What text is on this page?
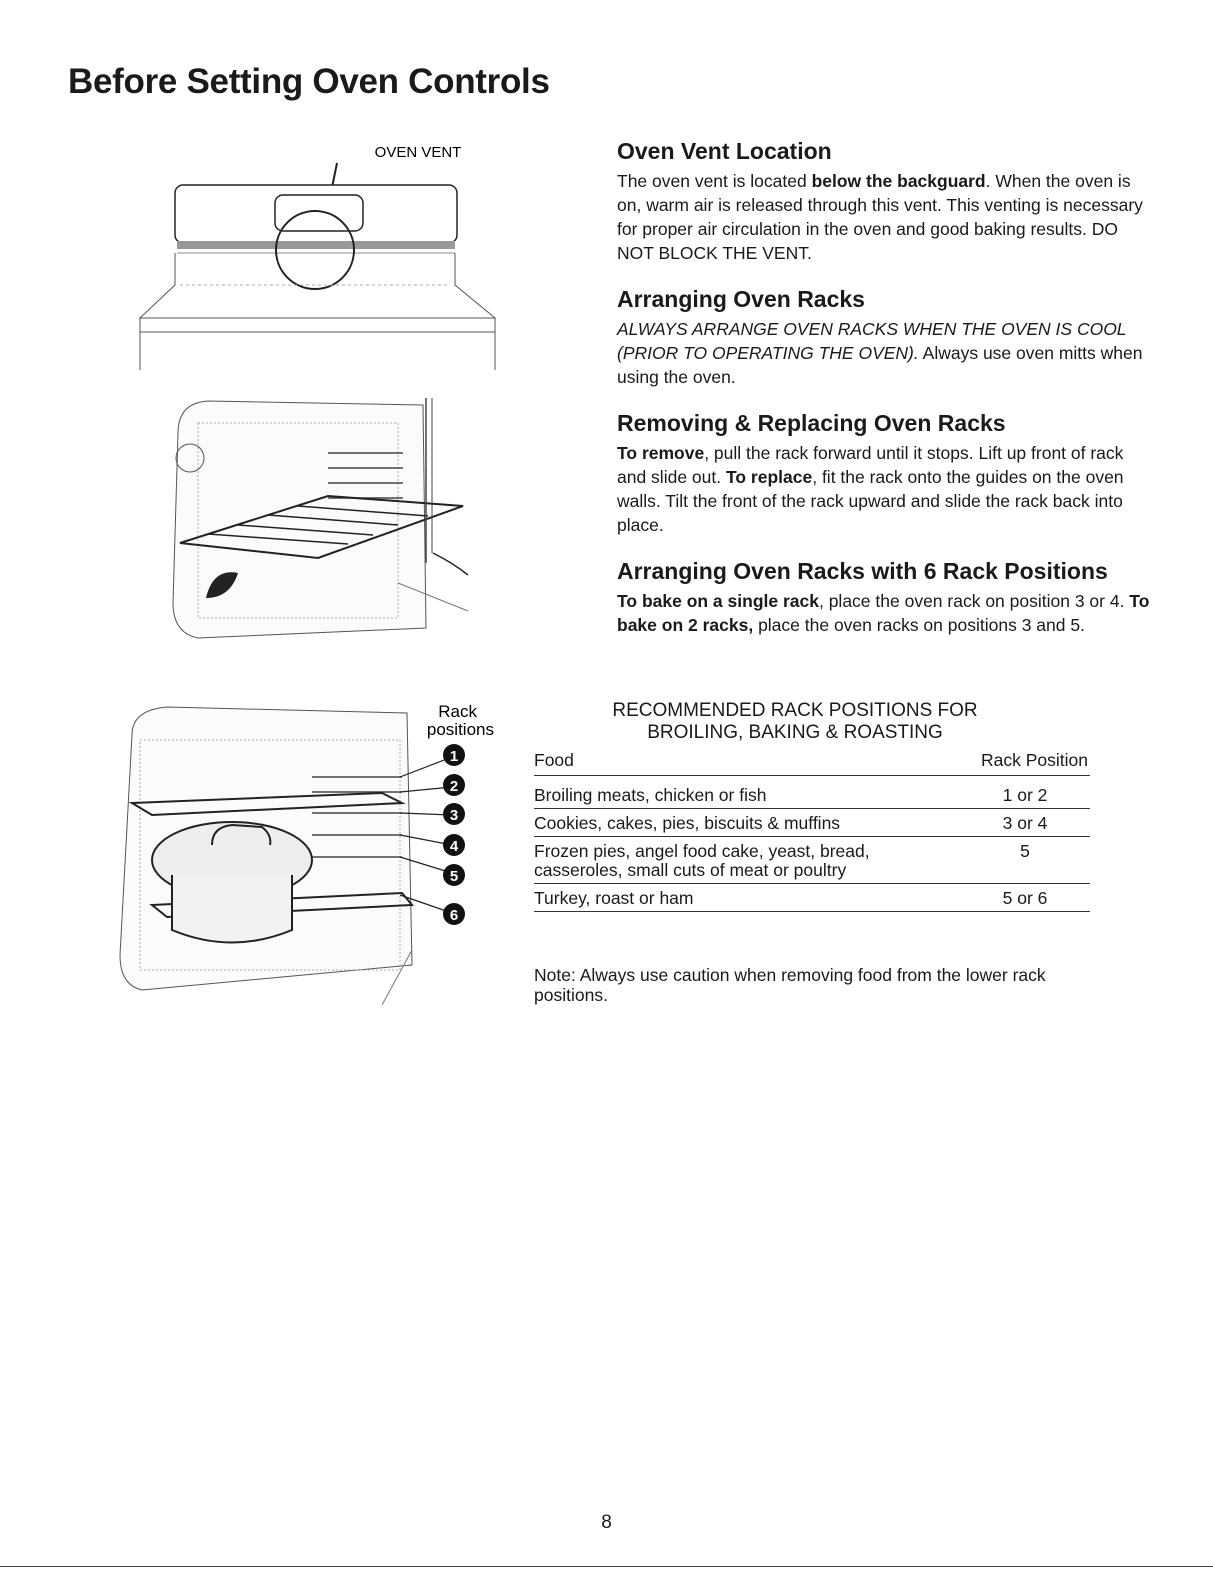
Before Setting Oven Controls
OVEN VENT
Rack
positions
1
2
3
4
5
6
Oven Vent Location

The oven vent is located below the backguard. When the oven is on, warm air is released through this vent. This venting is necessary for proper air circulation in the oven and good baking results. DO NOT BLOCK THE VENT.

Arranging Oven Racks

ALWAYS ARRANGE OVEN RACKS WHEN THE OVEN IS COOL (PRIOR TO OPERATING THE OVEN). Always use oven mitts when using the oven.

Removing & Replacing Oven Racks

To remove, pull the rack forward until it stops. Lift up front of rack and slide out. To replace, fit the rack onto the guides on the oven walls. Tilt the front of the rack upward and slide the rack back into place.

Arranging Oven Racks with 6 Rack Positions

To bake on a single rack, place the oven rack on position 3 or 4. To bake on 2 racks, place the oven racks on positions 3 and 5.

RECOMMENDED RACK POSITIONS FOR
BROILING, BAKING & ROASTING
Food	Rack Position
Broiling meats, chicken or fish	1 or 2
Cookies, cakes, pies, biscuits & muffins	3 or 4
Frozen pies, angel food cake, yeast, bread, casseroles, small cuts of meat or poultry	5
Turkey, roast or ham	5 or 6
Note: Always use caution when removing food from the lower rack positions.
8
